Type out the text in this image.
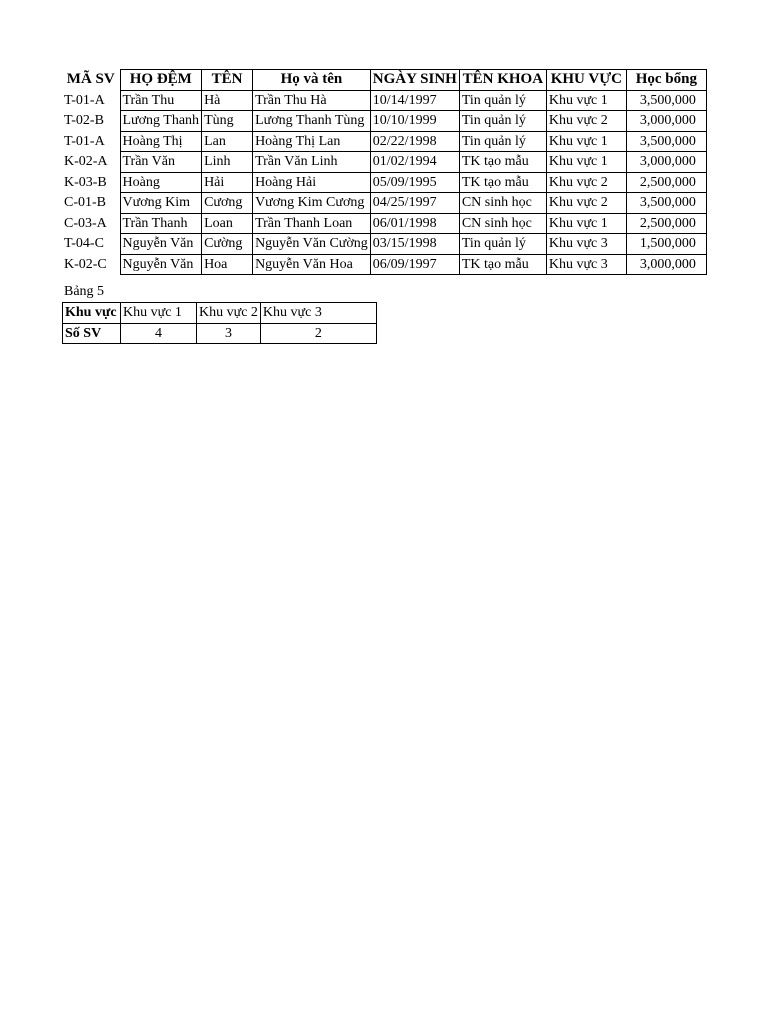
MÃ SV	HỌ ĐỆM	TÊN	Họ và tên	NGÀY SINH	TÊN KHOA	KHU VỰC	Học bổng
T-01-A	Trần Thu	Hà	Trần Thu Hà	10/14/1997	Tin quản lý	Khu vực 1	3,500,000
T-02-B	Lương Thanh	Tùng	Lương Thanh Tùng	10/10/1999	Tin quản lý	Khu vực 2	3,000,000
T-01-A	Hoàng Thị	Lan	Hoàng Thị Lan	02/22/1998	Tin quản lý	Khu vực 1	3,500,000
K-02-A	Trần Văn	Linh	Trần Văn Linh	01/02/1994	TK tạo mẫu	Khu vực 1	3,000,000
K-03-B	Hoàng	Hải	Hoàng Hải	05/09/1995	TK tạo mẫu	Khu vực 2	2,500,000
C-01-B	Vương Kim	Cương	Vương Kim Cương	04/25/1997	CN sinh học	Khu vực 2	3,500,000
C-03-A	Trần Thanh	Loan	Trần Thanh Loan	06/01/1998	CN sinh học	Khu vực 1	2,500,000
T-04-C	Nguyễn Văn	Cường	Nguyễn Văn Cường	03/15/1998	Tin quản lý	Khu vực 3	1,500,000
K-02-C	Nguyễn Văn	Hoa	Nguyễn Văn Hoa	06/09/1997	TK tạo mẫu	Khu vực 3	3,000,000
Bảng 5
Khu vực	Khu vực 1	Khu vực 2	Khu vực 3
Số SV	4	3	2
